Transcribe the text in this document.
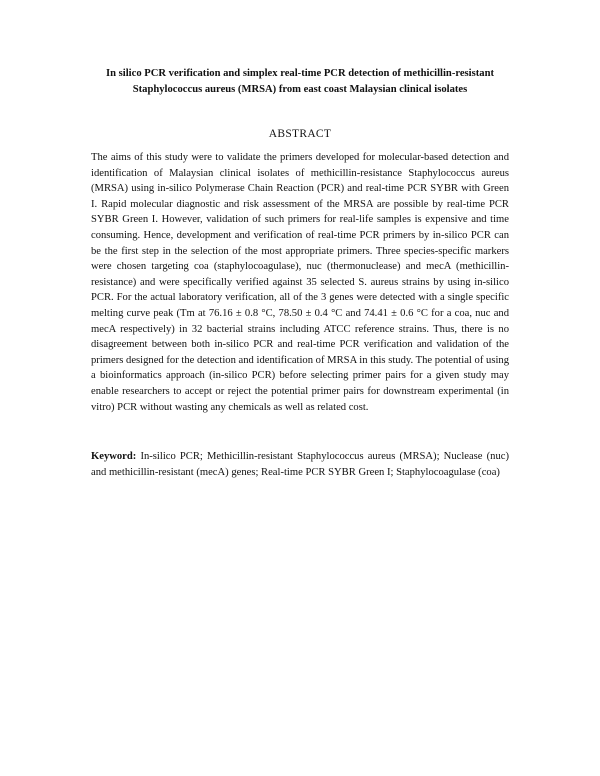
In silico PCR verification and simplex real-time PCR detection of methicillin-resistant Staphylococcus aureus (MRSA) from east coast Malaysian clinical isolates
ABSTRACT

The aims of this study were to validate the primers developed for molecular-based detection and identification of Malaysian clinical isolates of methicillin-resistance Staphylococcus aureus (MRSA) using in-silico Polymerase Chain Reaction (PCR) and real-time PCR SYBR with Green I. Rapid molecular diagnostic and risk assessment of the MRSA are possible by real-time PCR SYBR Green I. However, validation of such primers for real-life samples is expensive and time consuming. Hence, development and verification of real-time PCR primers by in-silico PCR can be the first step in the selection of the most appropriate primers. Three species-specific markers were chosen targeting coa (staphylocoagulase), nuc (thermonuclease) and mecA (methicillin-resistance) and were specifically verified against 35 selected S. aureus strains by using in-silico PCR. For the actual laboratory verification, all of the 3 genes were detected with a single specific melting curve peak (Tm at 76.16 ± 0.8 °C, 78.50 ± 0.4 °C and 74.41 ± 0.6 °C for a coa, nuc and mecA respectively) in 32 bacterial strains including ATCC reference strains. Thus, there is no disagreement between both in-silico PCR and real-time PCR verification and validation of the primers designed for the detection and identification of MRSA in this study. The potential of using a bioinformatics approach (in-silico PCR) before selecting primer pairs for a given study may enable researchers to accept or reject the potential primer pairs for downstream experimental (in vitro) PCR without wasting any chemicals as well as related cost.

Keyword: In-silico PCR; Methicillin-resistant Staphylococcus aureus (MRSA); Nuclease (nuc) and methicillin-resistant (mecA) genes; Real-time PCR SYBR Green I; Staphylocoagulase (coa)
